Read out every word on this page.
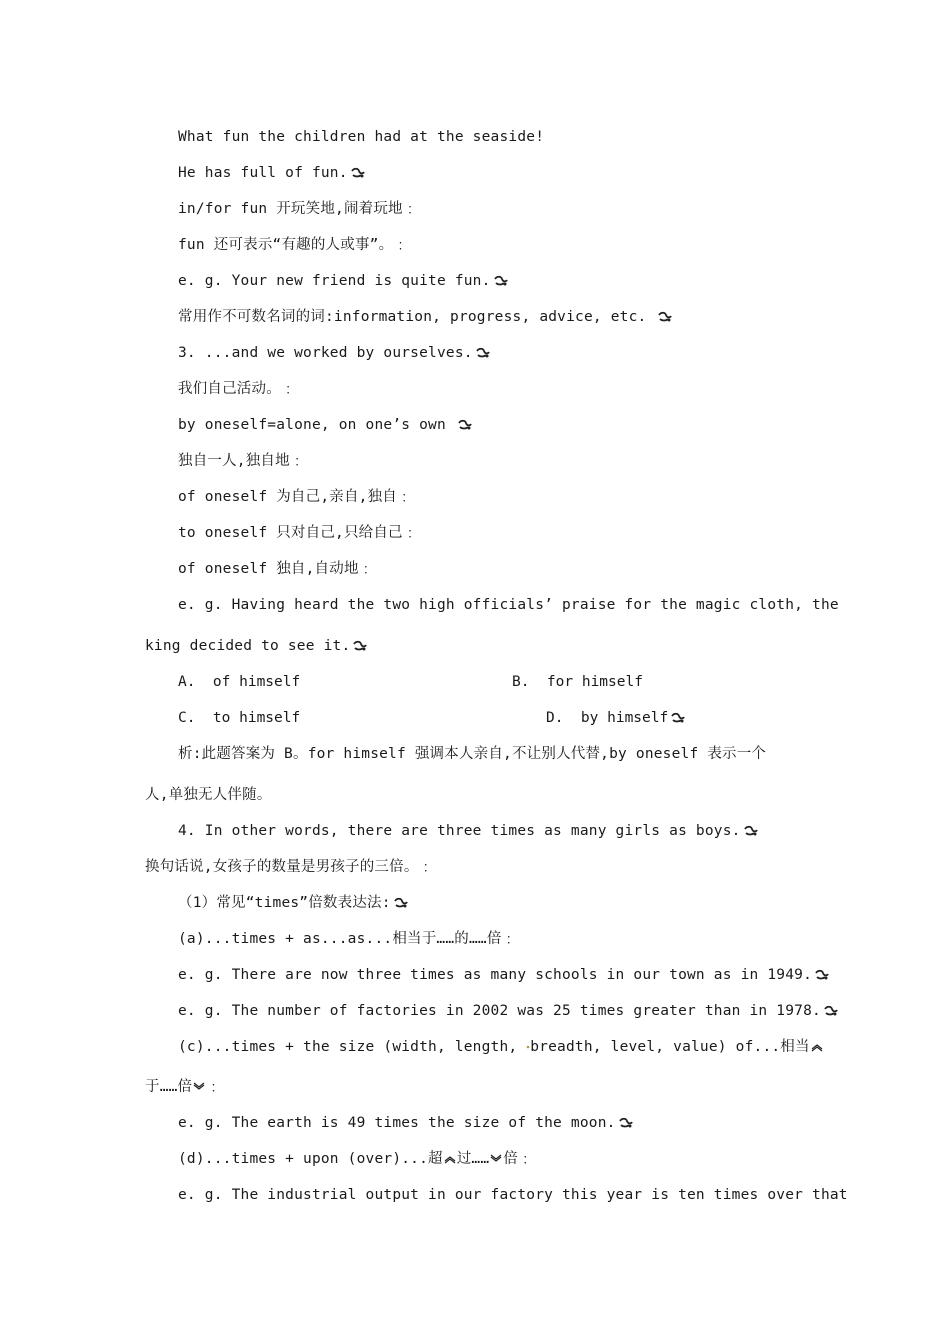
What fun the children had at the seaside!
He has full of fun.
in/for fun 开玩笑地,闹着玩地﹕
fun 还可表示“有趣的人或事”。﹕
e. g. Your new friend is quite fun.
常用作不可数名词的词:information, progress, advice, etc.
3. ...and we worked by ourselves.
我们自己活动。﹕
by oneself=alone, on one’s own
独自一人,独自地﹕
of oneself 为自己,亲自,独自﹕
to oneself 只对自己,只给自己﹕
of oneself 独自,自动地﹕
e. g. Having heard the two high officials’ praise for the magic cloth, the
king decided to see it.
A.  of himself	B.  for himself
C.  to himself	D.  by himself
析:此题答案为 B。for himself 强调本人亲自,不让别人代替,by oneself 表示一个
人,单独无人伴随。
4. In other words, there are three times as many girls as boys.
换句话说,女孩子的数量是男孩子的三倍。﹕
（1）常见“times”倍数表达法:
(a)...times + as...as...相当于……的……倍﹕
e. g. There are now three times as many schools in our town as in 1949.
e. g. The number of factories in 2002 was 25 times greater than in 1978.
(c)...times + the size (width, length,
breadth, level, value) of...相当
于……倍 ﹕
e. g. The earth is 49 times the size of the moon.
(d)...times + upon (over)...超 过…… 倍﹕
e. g. The industrial output in our factory this year is ten times over that
